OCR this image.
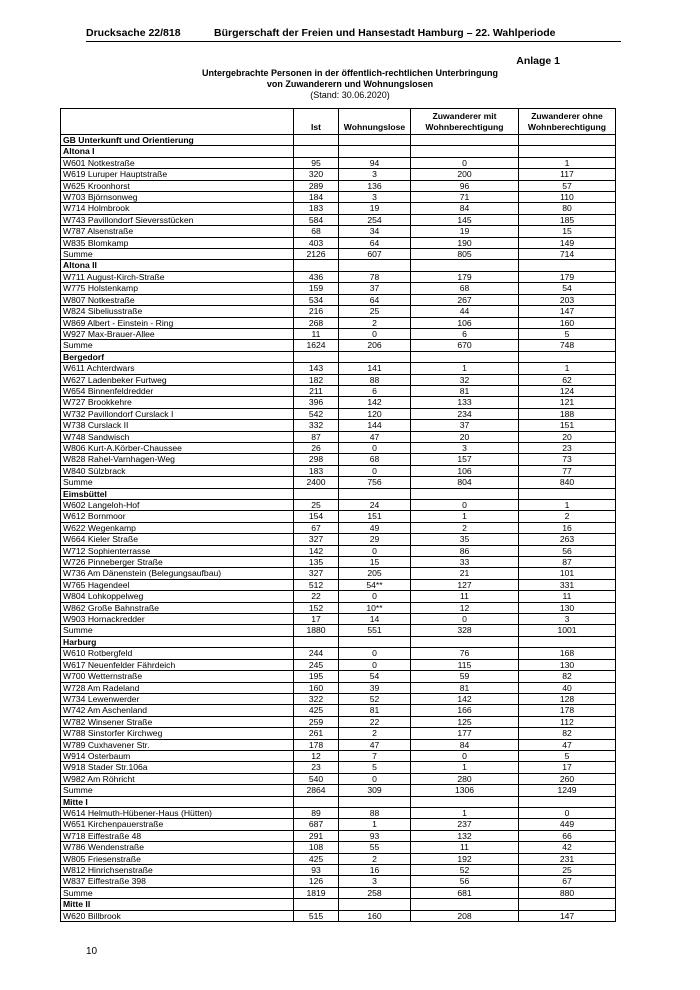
Drucksache 22/818	Bürgerschaft der Freien und Hansestadt Hamburg – 22. Wahlperiode
Anlage 1
Untergebrachte Personen in der öffentlich-rechtlichen Unterbringung
von Zuwanderern und Wohnungslosen
(Stand: 30.06.2020)
	Ist	Wohnungslose	Zuwanderer mit Wohnberechtigung	Zuwanderer ohne Wohnberechtigung
GB Unterkunft und Orientierung				
Altona I				
W601 Notkestraße	95	94	0	1
W619 Luruper Hauptstraße	320	3	200	117
W625 Kroonhorst	289	136	96	57
W703 Björnsonweg	184	3	71	110
W714 Holmbrook	183	19	84	80
W743 Pavillondorf Sieversstücken	584	254	145	185
W787 Alsenstraße	68	34	19	15
W835 Blomkamp	403	64	190	149
Summe	2126	607	805	714
Altona II				
W711 August-Kirch-Straße	436	78	179	179
W775 Holstenkamp	159	37	68	54
W807 Notkestraße	534	64	267	203
W824 Sibeliusstraße	216	25	44	147
W869 Albert - Einstein - Ring	268	2	106	160
W927 Max-Brauer-Allee	11	0	6	5
Summe	1624	206	670	748
Bergedorf				
W611 Achterdwars	143	141	1	1
W627 Ladenbeker Furtweg	182	88	32	62
W654 Binnenfeldredder	211	6	81	124
W727 Brookkehre	396	142	133	121
W732 Pavillondorf Curslack I	542	120	234	188
W738 Curslack II	332	144	37	151
W748 Sandwisch	87	47	20	20
W806 Kurt-A.Körber-Chaussee	26	0	3	23
W828 Rahel-Varnhagen-Weg	298	68	157	73
W840 Sülzbrack	183	0	106	77
Summe	2400	756	804	840
Eimsbüttel				
W602 Langeloh-Hof	25	24	0	1
W612 Bornmoor	154	151	1	2
W622 Wegenkamp	67	49	2	16
W664 Kieler Straße	327	29	35	263
W712 Sophienterrasse	142	0	86	56
W726 Pinneberger Straße	135	15	33	87
W736 Am Dänenstein (Belegungsaufbau)	327	205	21	101
W765 Hagendeel	512	54**	127	331
W804 Lohkoppelweg	22	0	11	11
W862 Große Bahnstraße	152	10**	12	130
W903 Hornackredder	17	14	0	3
Summe	1880	551	328	1001
Harburg				
W610 Rotbergfeld	244	0	76	168
W617 Neuenfelder Fährdeich	245	0	115	130
W700 Wetternstraße	195	54	59	82
W728 Am Radeland	160	39	81	40
W734 Lewenwerder	322	52	142	128
W742 Am Aschenland	425	81	166	178
W782 Winsener Straße	259	22	125	112
W788 Sinstorfer Kirchweg	261	2	177	82
W789 Cuxhavener Str.	178	47	84	47
W914 Osterbaum	12	7	0	5
W918 Stader Str.106a	23	5	1	17
W982 Am Röhricht	540	0	280	260
Summe	2864	309	1306	1249
Mitte I				
W614 Helmuth-Hübener-Haus (Hütten)	89	88	1	0
W651 Kirchenpauerstraße	687	1	237	449
W718 Eiffestraße 48	291	93	132	66
W786 Wendenstraße	108	55	11	42
W805 Friesenstraße	425	2	192	231
W812 Hinrichsenstraße	93	16	52	25
W837 Eiffestraße 398	126	3	56	67
Summe	1819	258	681	880
Mitte II				
W620 Billbrook	515	160	208	147
10
